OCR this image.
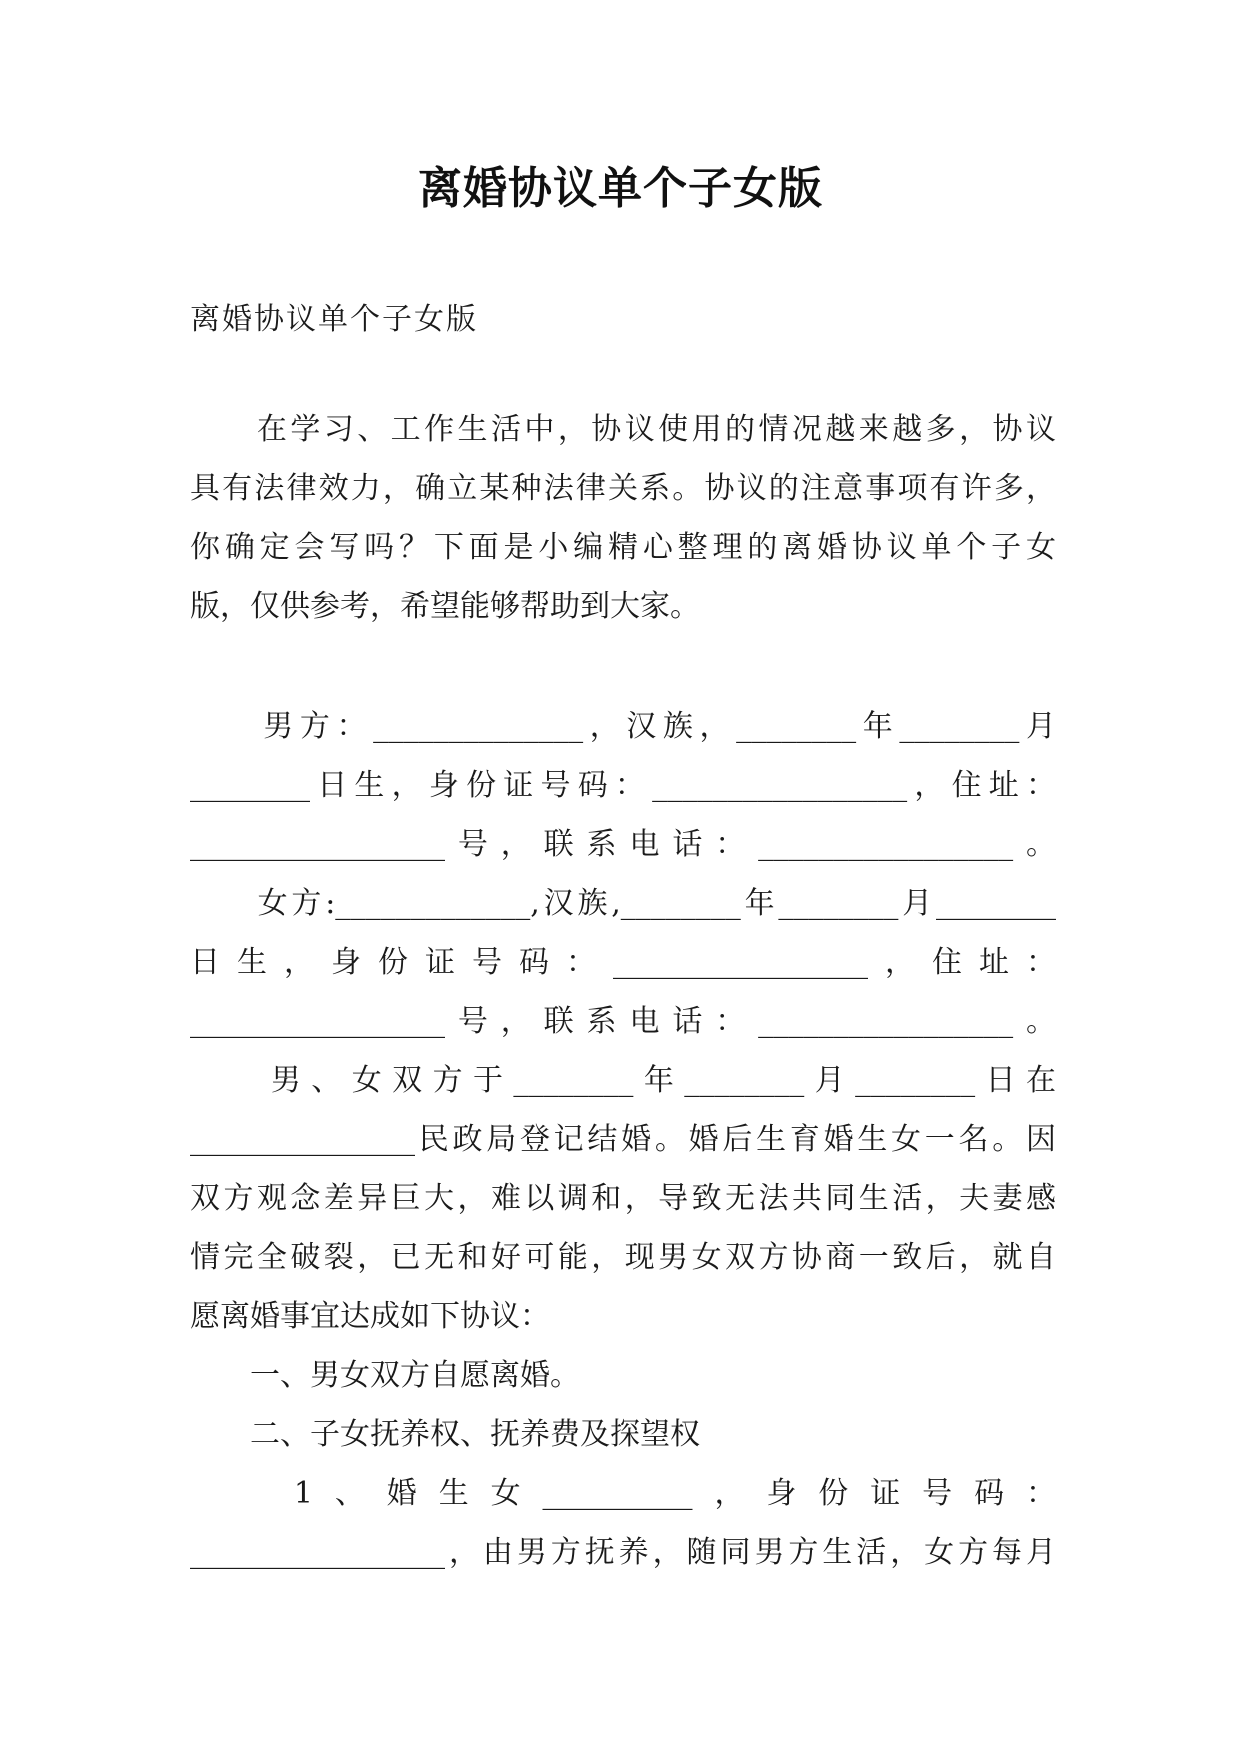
离婚协议单个子女版
离婚协议单个子女版
　　在学习、工作生活中，协议使用的情况越来越多，协议
具有法律效力，确立某种法律关系。协议的注意事项有许多，
你确定会写吗？下面是小编精心整理的离婚协议单个子女
版，仅供参考，希望能够帮助到大家。
　　男方：______________，汉族，________年________月
________日生，身份证号码：_________________，住址：
_________________号，联系电话：_________________。
　　女方:_____________,汉族,________年________月________
日生，身份证号码：_________________，住址：
_________________号，联系电话：_________________。
　　男、女双方于________年________月________日在
_______________民政局登记结婚。婚后生育婚生女一名。因
双方观念差异巨大，难以调和，导致无法共同生活，夫妻感
情完全破裂，已无和好可能，现男女双方协商一致后，就自
愿离婚事宜达成如下协议：
　　一、男女双方自愿离婚。
　　二、子女抚养权、抚养费及探望权
　　1、婚生女__________，身份证号码：
_________________，由男方抚养，随同男方生活，女方每月
